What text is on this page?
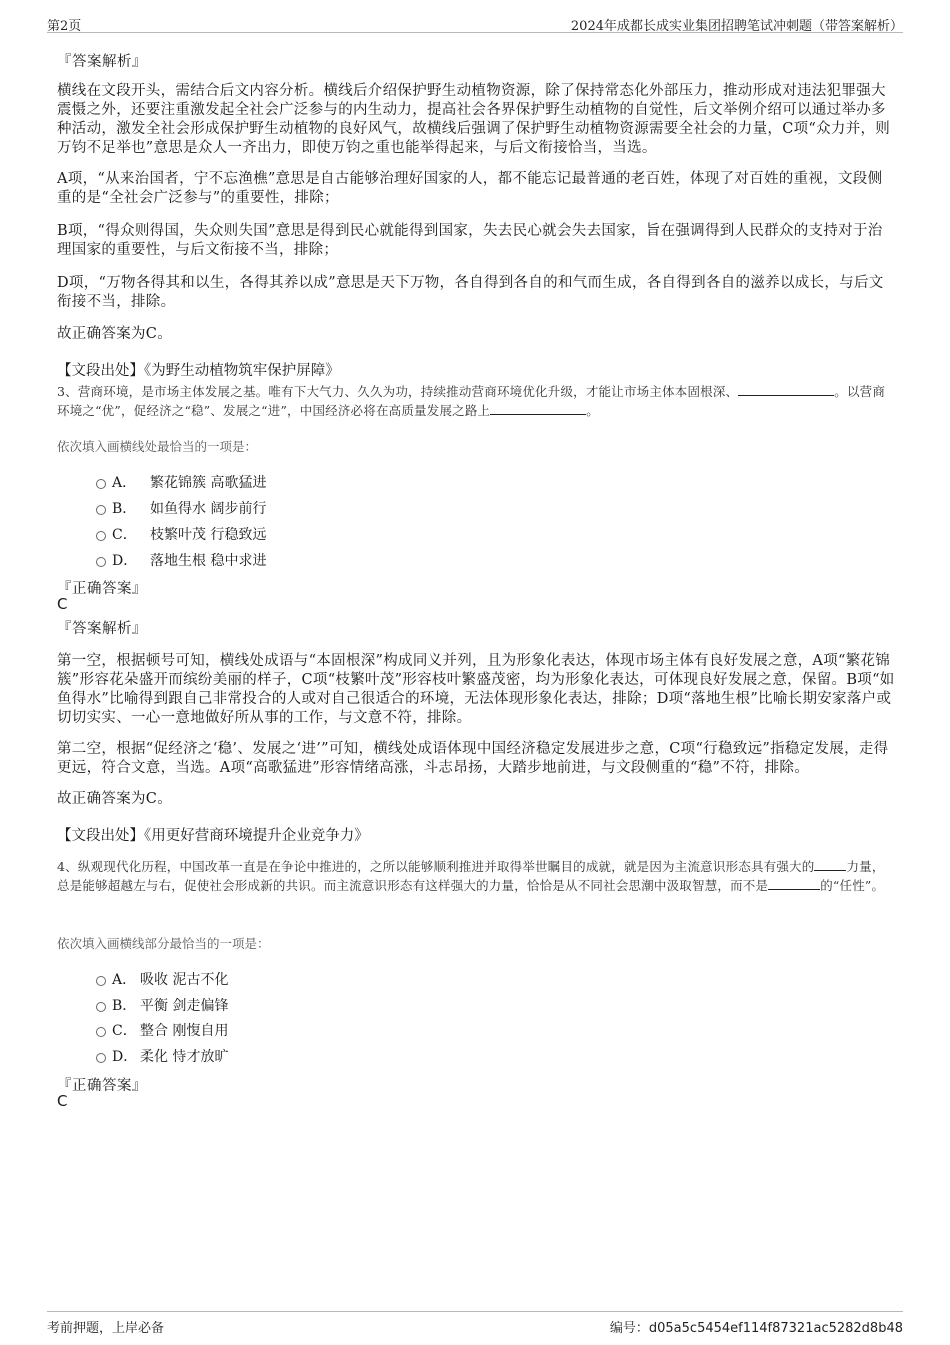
第2页	2024年成都长成实业集团招聘笔试冲刺题（带答案解析）
『答案解析』
横线在文段开头，需结合后文内容分析。横线后介绍保护野生动植物资源，除了保持常态化外部压力，推动形成对违法犯罪强大震慑之外，还要注重激发起全社会广泛参与的内生动力，提高社会各界保护野生动植物的自觉性，后文举例介绍可以通过举办多种活动，激发全社会形成保护野生动植物的良好风气，故横线后强调了保护野生动植物资源需要全社会的力量，C项“众力并，则万钧不足举也”意思是众人一齐出力，即使万钧之重也能举得起来，与后文衔接恰当，当选。
A项，“从来治国者，宁不忘渔樵”意思是自古能够治理好国家的人，都不能忘记最普通的老百姓，体现了对百姓的重视，文段侧重的是“全社会广泛参与”的重要性，排除；
B项，“得众则得国，失众则失国”意思是得到民心就能得到国家，失去民心就会失去国家，旨在强调得到人民群众的支持对于治理国家的重要性，与后文衔接不当，排除；
D项，“万物各得其和以生，各得其养以成”意思是天下万物，各自得到各自的和气而生成，各自得到各自的滋养以成长，与后文衔接不当，排除。
故正确答案为C。
【文段出处】《为野生动植物筑牢保护屏障》
3、营商环境，是市场主体发展之基。唯有下大气力、久久为功，持续推动营商环境优化升级，才能让市场主体本固根深、	。以营商环境之“优”，促经济之“稳”、发展之“进”，中国经济必将在高质量发展之路上	。
依次填入画横线处最恰当的一项是：
A． 繁花锦簇 高歌猛进
B． 如鱼得水 阔步前行
C． 枝繁叶茂 行稳致远
D． 落地生根 稳中求进
『正确答案』
C
『答案解析』
第一空，根据顿号可知，横线处成语与“本固根深”构成同义并列，且为形象化表达，体现市场主体有良好发展之意，A项“繁花锦簇”形容花朵盛开而缤纷美丽的样子，C项“枝繁叶茂”形容枝叶繁盛茂密，均为形象化表达，可体现良好发展之意，保留。B项“如鱼得水”比喻得到跟自己非常投合的人或对自己很适合的环境，无法体现形象化表达，排除；D项“落地生根”比喻长期安家落户或切切实实、一心一意地做好所从事的工作，与文意不符，排除。
第二空，根据“促经济之‘稳’、发展之‘进’”可知，横线处成语体现中国经济稳定发展进步之意，C项“行稳致远”指稳定发展，走得更远，符合文意，当选。A项“高歌猛进”形容情绪高涨，斗志昂扬，大踏步地前进，与文段侧重的“稳”不符，排除。
故正确答案为C。
【文段出处】《用更好营商环境提升企业竞争力》
4、纵观现代化历程，中国改革一直是在争论中推进的，之所以能够顺利推进并取得举世瞩目的成就，就是因为主流意识形态具有强大的	力量，总是能够超越左与右，促使社会形成新的共识。而主流意识形态有这样强大的力量，恰恰是从不同社会思潮中汲取智慧，而不是	的“任性”。
依次填入画横线部分最恰当的一项是：
A． 吸收 泥古不化
B． 平衡 剑走偏锋
C． 整合 刚愎自用
D． 柔化 恃才放旷
『正确答案』
C
考前押题，上岸必备	编号：d05a5c5454ef114f87321ac5282d8b48
